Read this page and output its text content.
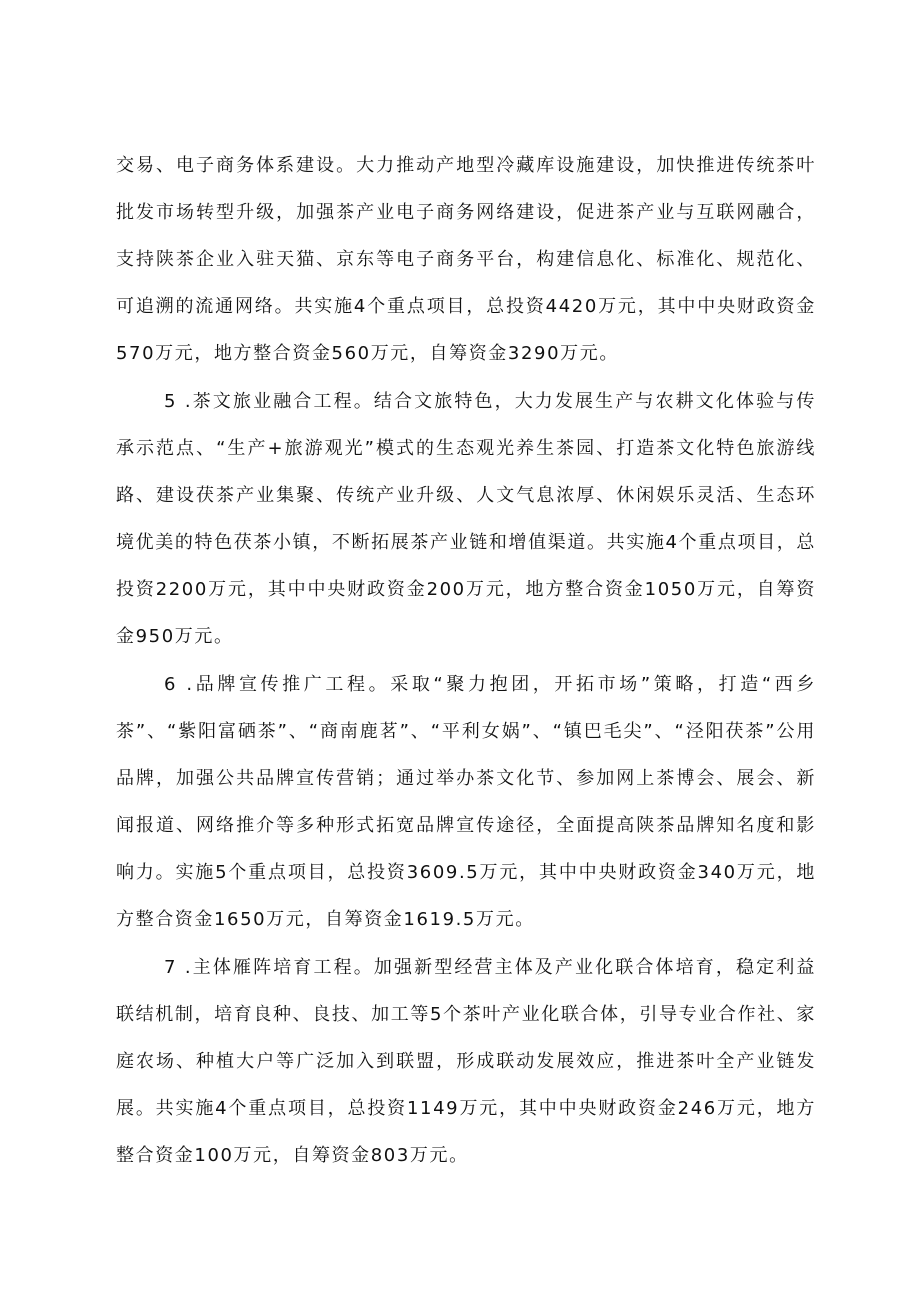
交易、电子商务体系建设。大力推动产地型冷藏库设施建设，加快推进传统茶叶批发市场转型升级，加强茶产业电子商务网络建设，促进茶产业与互联网融合，支持陕茶企业入驻天猫、京东等电子商务平台，构建信息化、标准化、规范化、可追溯的流通网络。共实施4个重点项目，总投资4420万元，其中中央财政资金570万元，地方整合资金560万元，自筹资金3290万元。

5 .茶文旅业融合工程。结合文旅特色，大力发展生产与农耕文化体验与传承示范点、“生产+旅游观光”模式的生态观光养生茶园、打造茶文化特色旅游线路、建设茯茶产业集聚、传统产业升级、人文气息浓厚、休闲娱乐灵活、生态环境优美的特色茯茶小镇，不断拓展茶产业链和增值渠道。共实施4个重点项目，总投资2200万元，其中中央财政资金200万元，地方整合资金1050万元，自筹资金950万元。

6 .品牌宣传推广工程。采取“聚力抱团，开拓市场”策略，打造“西乡茶”、“紫阳富硒茶”、“商南鹿茗”、“平利女娲”、“镇巴毛尖”、“泾阳茯茶”公用品牌，加强公共品牌宣传营销；通过举办茶文化节、参加网上茶博会、展会、新闻报道、网络推介等多种形式拓宽品牌宣传途径，全面提高陕茶品牌知名度和影响力。实施5个重点项目，总投资3609.5万元，其中中央财政资金340万元，地方整合资金1650万元，自筹资金1619.5万元。

7 .主体雁阵培育工程。加强新型经营主体及产业化联合体培育，稳定利益联结机制，培育良种、良技、加工等5个茶叶产业化联合体，引导专业合作社、家庭农场、种植大户等广泛加入到联盟，形成联动发展效应，推进茶叶全产业链发展。共实施4个重点项目，总投资1149万元，其中中央财政资金246万元，地方整合资金100万元，自筹资金803万元。
